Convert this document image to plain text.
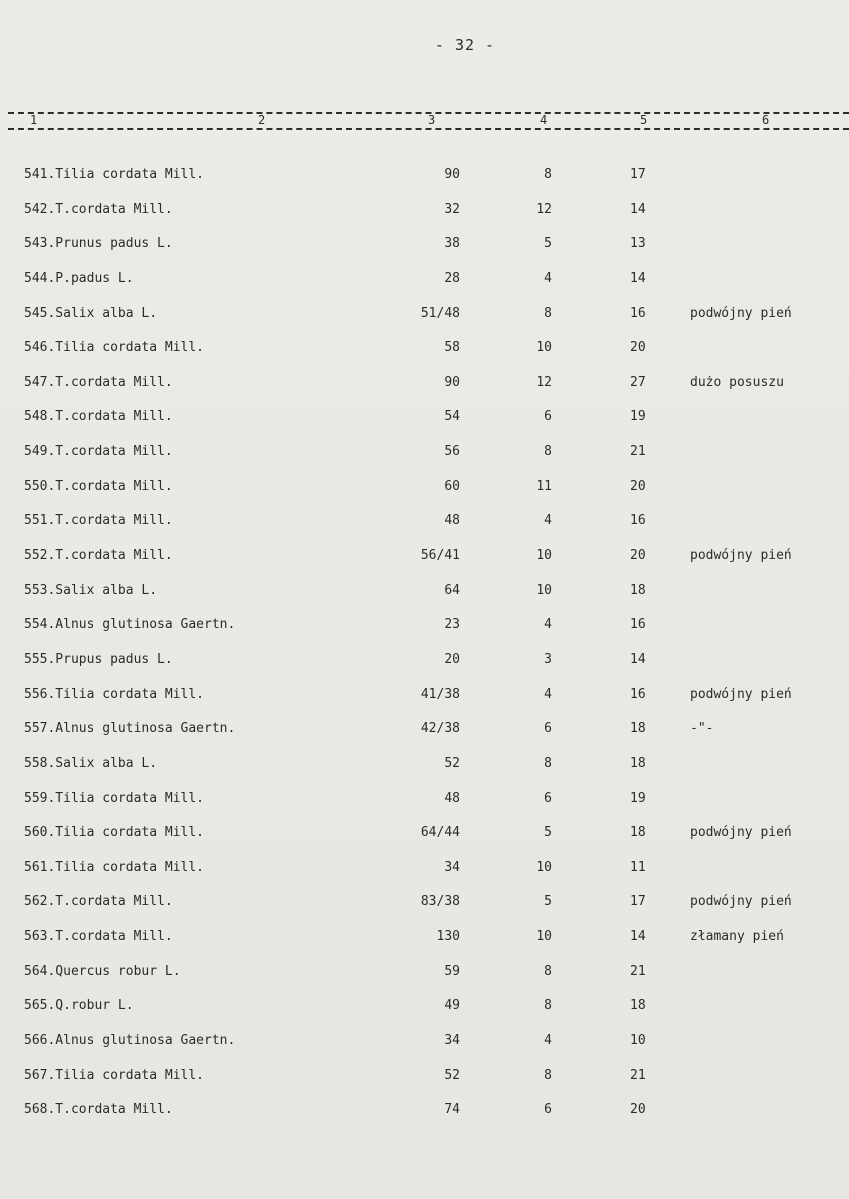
- 32 -
1	2	3	4	5	6
541.Tilia cordata Mill.	90	8	17
542.T.cordata Mill.	32	12	14
543.Prunus padus L.	38	5	13
544.P.padus L.	28	4	14
545.Salix alba L.	51/48	8	16	podwójny pień
546.Tilia cordata Mill.	58	10	20
547.T.cordata Mill.	90	12	27	dużo posuszu
548.T.cordata Mill.	54	6	19
549.T.cordata Mill.	56	8	21
550.T.cordata Mill.	60	11	20
551.T.cordata Mill.	48	4	16
552.T.cordata Mill.	56/41	10	20	podwójny pień
553.Salix alba L.	64	10	18
554.Alnus glutinosa Gaertn.	23	4	16
555.Prupus padus L.	20	3	14
556.Tilia cordata Mill.	41/38	4	16	podwójny pień
557.Alnus glutinosa Gaertn.	42/38	6	18	-"-
558.Salix alba L.	52	8	18
559.Tilia cordata Mill.	48	6	19
560.Tilia cordata Mill.	64/44	5	18	podwójny pień
561.Tilia cordata Mill.	34	10	11
562.T.cordata Mill.	83/38	5	17	podwójny pień
563.T.cordata Mill.	130	10	14	złamany pień
564.Quercus robur L.	59	8	21
565.Q.robur L.	49	8	18
566.Alnus glutinosa Gaertn.	34	4	10
567.Tilia cordata Mill.	52	8	21
568.T.cordata Mill.	74	6	20
